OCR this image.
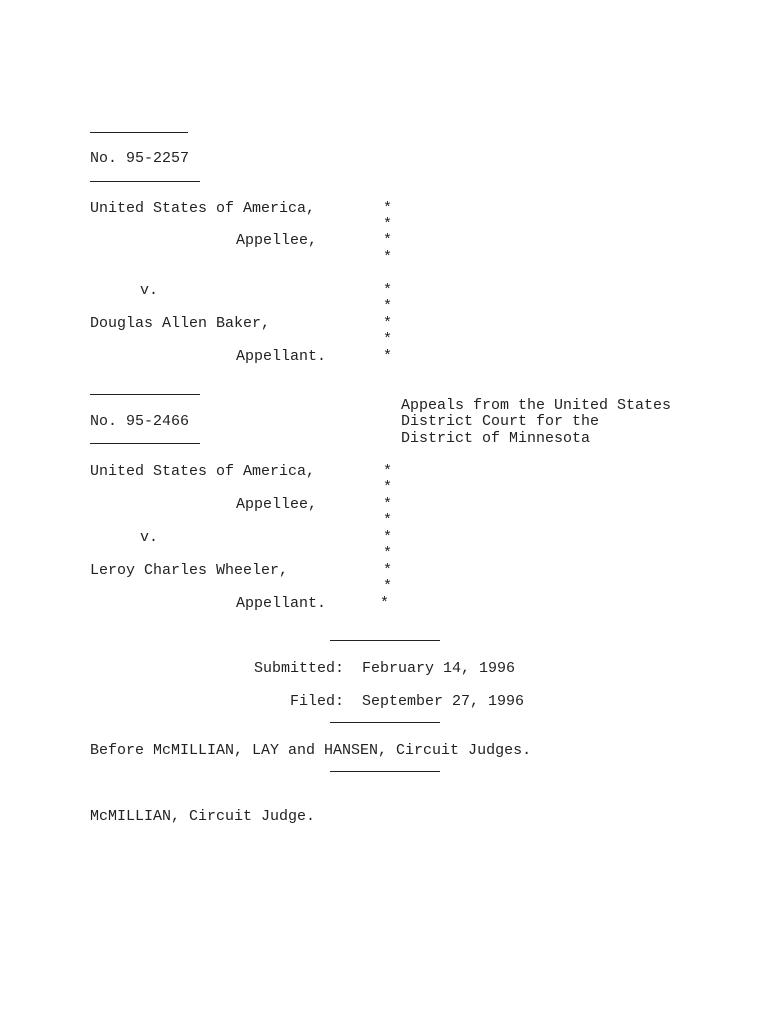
No. 95-2257
United States of America,
Appellee,
v.
Douglas Allen Baker,
Appellant.
*
*
*
*
*
*
*
*
*
Appeals from the United States
No. 95-2466	District Court for the
District of Minnesota
United States of America,
Appellee,
v.
Leroy Charles Wheeler,
Appellant.
*
*
*
*
*
*
*
*
*
Submitted:  February 14, 1996
Filed:  September 27, 1996
Before McMILLIAN, LAY and HANSEN, Circuit Judges.
McMILLIAN, Circuit Judge.
